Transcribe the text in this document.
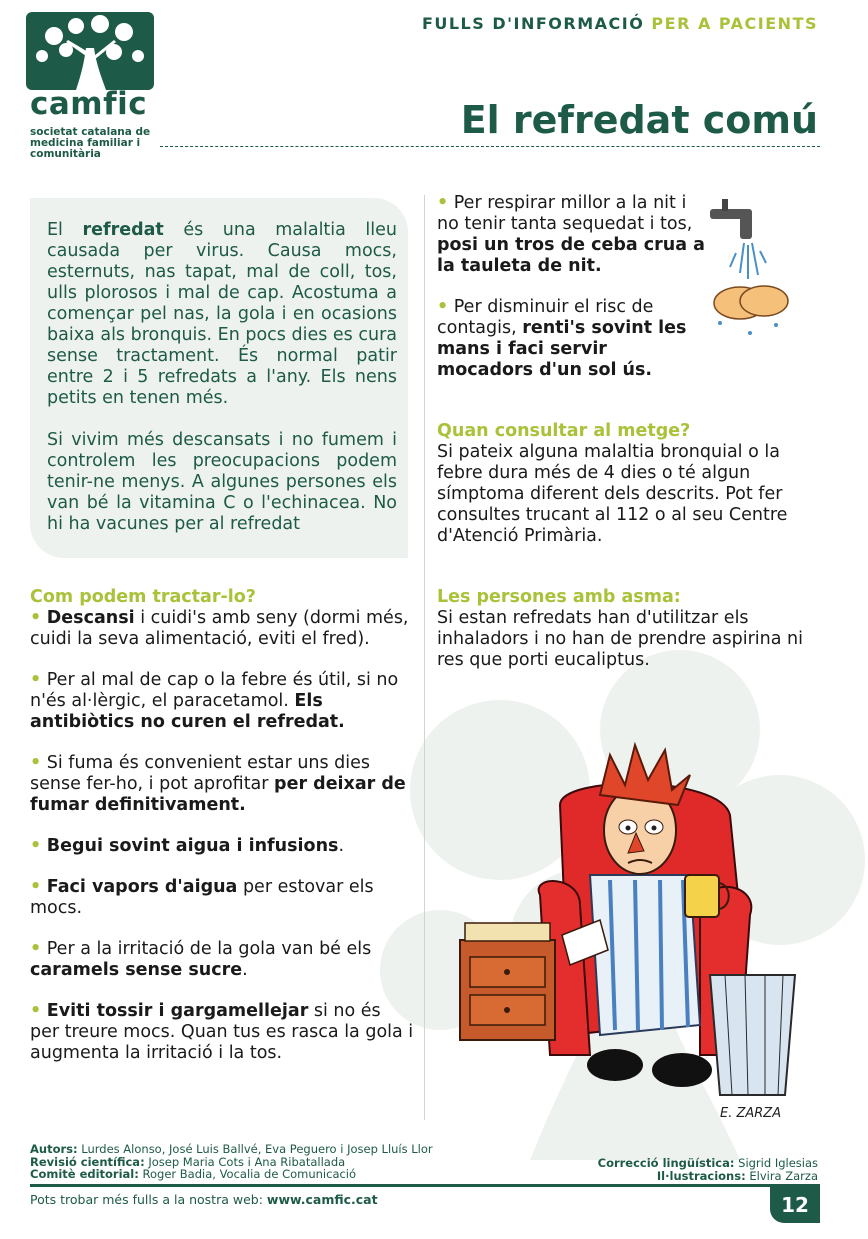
camfic
societat catalana de medicina familiar i comunitària
FULLS D'INFORMACIÓ PER A PACIENTS
El refredat comú

El refredat és una malaltia lleu causada per virus. Causa mocs, esternuts, nas tapat, mal de coll, tos, ulls plorosos i mal de cap. Acostuma a començar pel nas, la gola i en ocasions baixa als bronquis. En pocs dies es cura sense tractament. És normal patir entre 2 i 5 refredats a l'any. Els nens petits en tenen més.

Si vivim més descansats i no fumem i controlem les preocupacions podem tenir-ne menys. A algunes persones els van bé la vitamina C o l'echinacea. No hi ha vacunes per al refredat

Com podem tractar-lo?

• Descansi i cuidi's amb seny (dormi més, cuidi la seva alimentació, eviti el fred).

• Per al mal de cap o la febre és útil, si no n'és al·lèrgic, el paracetamol. Els antibiòtics no curen el refredat.

• Si fuma és convenient estar uns dies sense fer-ho, i pot aprofitar per deixar de fumar definitivament.

• Begui sovint aigua i infusions.

• Faci vapors d'aigua per estovar els mocs.

• Per a la irritació de la gola van bé els caramels sense sucre.

• Eviti tossir i gargamellejar si no és per treure mocs. Quan tus es rasca la gola i augmenta la irritació i la tos.

• Per respirar millor a la nit i no tenir tanta sequedat i tos, posi un tros de ceba crua a la tauleta de nit.

• Per disminuir el risc de contagis, renti's sovint les mans i faci servir mocadors d'un sol ús.

Quan consultar al metge?

Si pateix alguna malaltia bronquial o la febre dura més de 4 dies o té algun símptoma diferent dels descrits. Pot fer consultes trucant al 112 o al seu Centre d'Atenció Primària.

Les persones amb asma:

Si estan refredats han d'utilitzar els inhaladors i no han de prendre aspirina ni res que porti eucaliptus.

E. ZARZA
Autors: Lurdes Alonso, José Luis Ballvé, Eva Peguero i Josep Lluís Llor
Revisió científica: Josep Maria Cots i Ana Ribatallada
Comitè editorial: Roger Badia, Vocalia de Comunicació
Correcció lingüística: Sigrid Iglesias
Il·lustracions: Elvira Zarza
Pots trobar més fulls a la nostra web: www.camfic.cat	12
